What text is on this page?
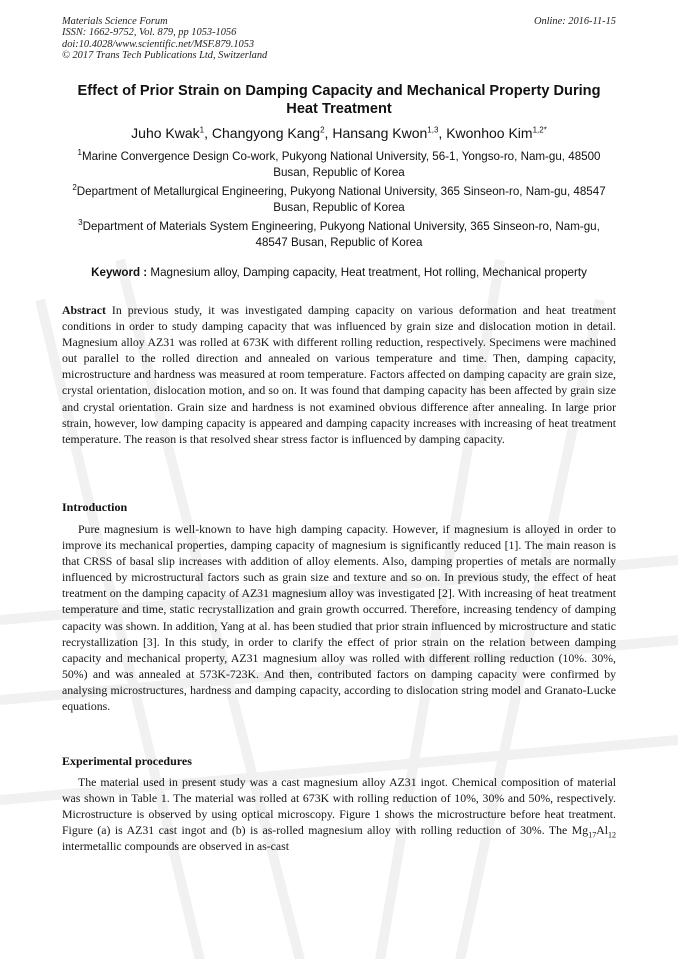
Materials Science Forum
ISSN: 1662-9752, Vol. 879, pp 1053-1056
doi:10.4028/www.scientific.net/MSF.879.1053
© 2017 Trans Tech Publications Ltd, Switzerland
Online: 2016-11-15
Effect of Prior Strain on Damping Capacity and Mechanical Property During Heat Treatment
Juho Kwak$^1$, Changyong Kang$^2$, Hansang Kwon$^{1,3}$, Kwonhoo Kim$^{1,2*}$
$^1$Marine Convergence Design Co-work, Pukyong National University, 56-1, Yongso-ro, Nam-gu, 48500 Busan, Republic of Korea
$^2$Department of Metallurgical Engineering, Pukyong National University, 365 Sinseon-ro, Nam-gu, 48547 Busan, Republic of Korea
$^3$Department of Materials System Engineering, Pukyong National University, 365 Sinseon-ro, Nam-gu, 48547 Busan, Republic of Korea
Keyword : Magnesium alloy, Damping capacity, Heat treatment, Hot rolling, Mechanical property
Abstract In previous study, it was investigated damping capacity on various deformation and heat treatment conditions in order to study damping capacity that was influenced by grain size and dislocation motion in detail. Magnesium alloy AZ31 was rolled at 673K with different rolling reduction, respectively. Specimens were machined out parallel to the rolled direction and annealed on various temperature and time. Then, damping capacity, microstructure and hardness was measured at room temperature. Factors affected on damping capacity are grain size, crystal orientation, dislocation motion, and so on. It was found that damping capacity has been affected by grain size and crystal orientation. Grain size and hardness is not examined obvious difference after annealing. In large prior strain, however, low damping capacity is appeared and damping capacity increases with increasing of heat treatment temperature. The reason is that resolved shear stress factor is influenced by damping capacity.
Introduction
Pure magnesium is well-known to have high damping capacity. However, if magnesium is alloyed in order to improve its mechanical properties, damping capacity of magnesium is significantly reduced [1]. The main reason is that CRSS of basal slip increases with addition of alloy elements. Also, damping properties of metals are normally influenced by microstructural factors such as grain size and texture and so on. In previous study, the effect of heat treatment on the damping capacity of AZ31 magnesium alloy was investigated [2]. With increasing of heat treatment temperature and time, static recrystallization and grain growth occurred. Therefore, increasing tendency of damping capacity was shown. In addition, Yang at al. has been studied that prior strain influenced by microstructure and static recrystallization [3]. In this study, in order to clarify the effect of prior strain on the relation between damping capacity and mechanical property, AZ31 magnesium alloy was rolled with different rolling reduction (10%. 30%, 50%) and was annealed at 573K-723K. And then, contributed factors on damping capacity were confirmed by analysing microstructures, hardness and damping capacity, according to dislocation string model and Granato-Lucke equations.
Experimental procedures
The material used in present study was a cast magnesium alloy AZ31 ingot. Chemical composition of material was shown in Table 1. The material was rolled at 673K with rolling reduction of 10%, 30% and 50%, respectively. Microstructure is observed by using optical microscopy. Figure 1 shows the microstructure before heat treatment. Figure (a) is AZ31 cast ingot and (b) is as-rolled magnesium alloy with rolling reduction of 30%. The $Mg_{17}Al_{12}$ intermetallic compounds are observed in as-cast
